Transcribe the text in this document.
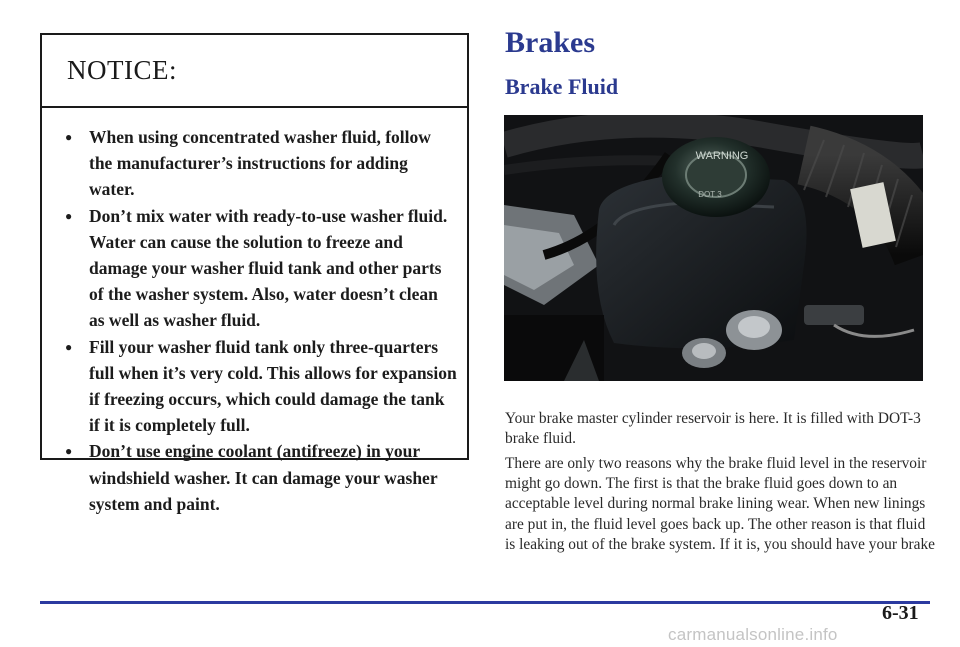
NOTICE:
● When using concentrated washer fluid, follow the manufacturer’s instructions for adding water.
● Don’t mix water with ready-to-use washer fluid. Water can cause the solution to freeze and damage your washer fluid tank and other parts of the washer system. Also, water doesn’t clean as well as washer fluid.
● Fill your washer fluid tank only three-quarters full when it’s very cold. This allows for expansion if freezing occurs, which could damage the tank if it is completely full.
● Don’t use engine coolant (antifreeze) in your windshield washer. It can damage your washer system and paint.
Brakes
Brake Fluid
WARNING
DOT 3

Your brake master cylinder reservoir is here. It is filled with DOT-3 brake fluid.

There are only two reasons why the brake fluid level in the reservoir might go down. The first is that the brake fluid goes down to an acceptable level during normal brake lining wear. When new linings are put in, the fluid level goes back up. The other reason is that fluid is leaking out of the brake system. If it is, you should have your brake

6-31
carmanualsonline.info
